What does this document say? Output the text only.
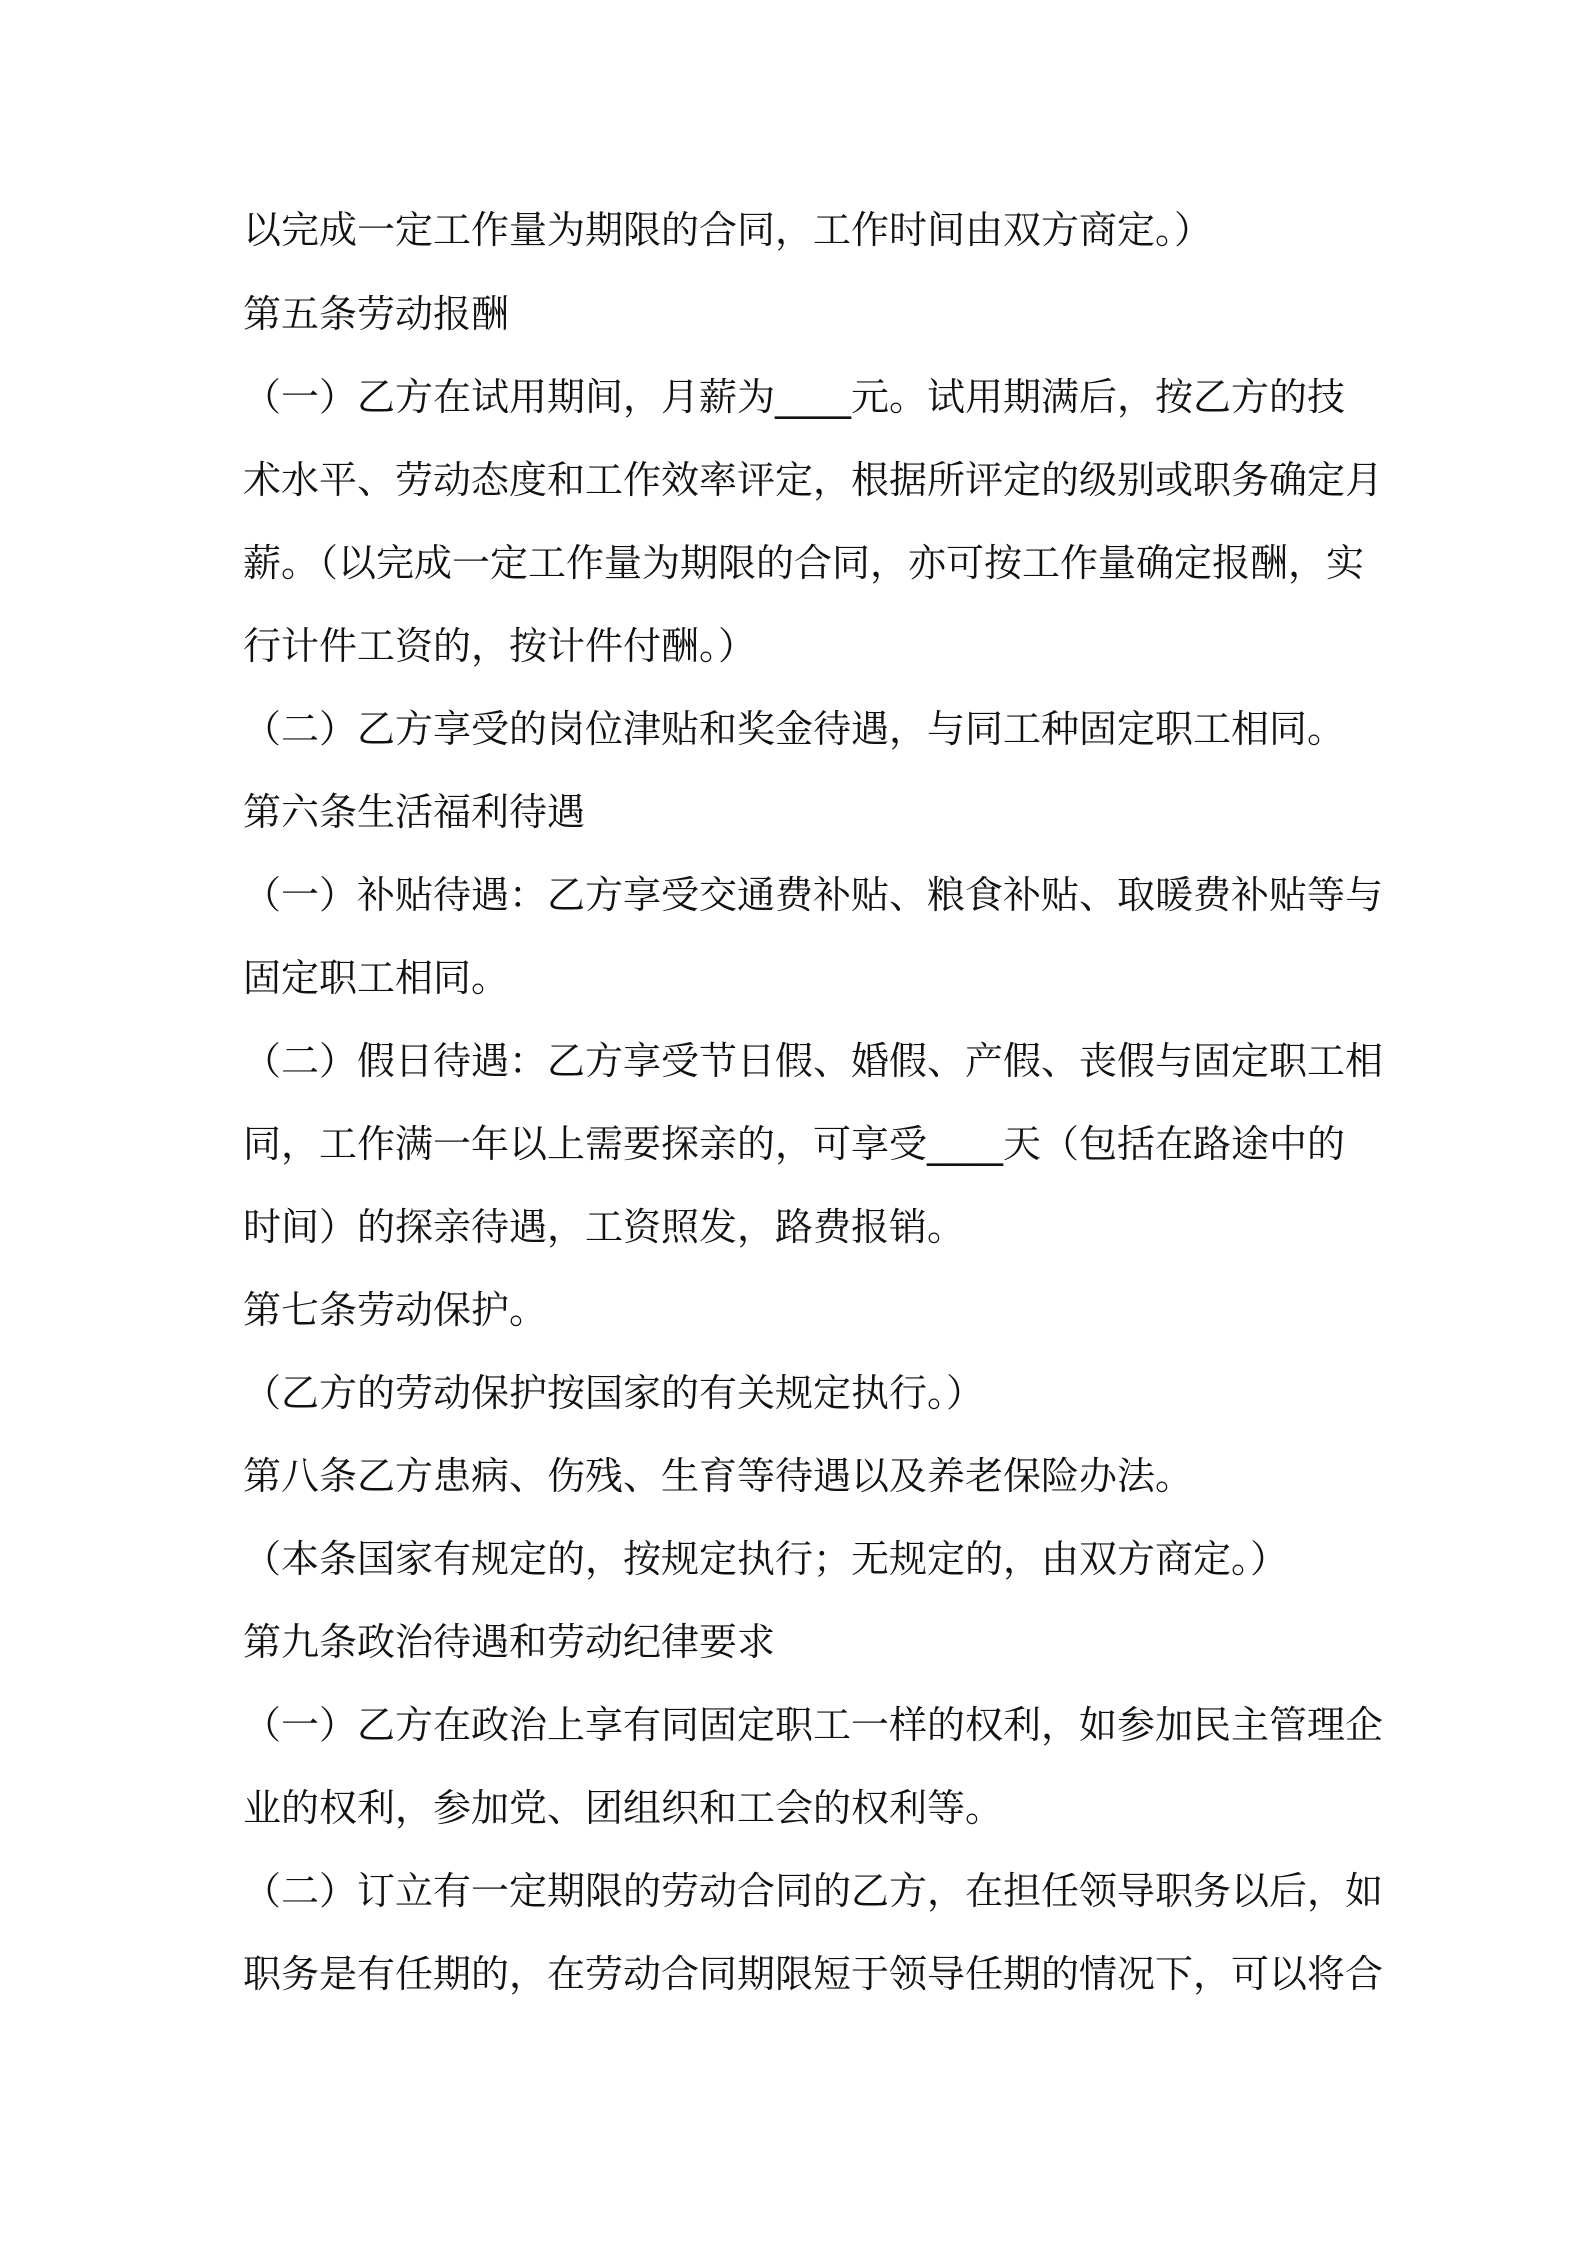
以完成一定工作量为期限的合同，工作时间由双方商定。）
第五条劳动报酬
（一）乙方在试用期间，月薪为____元。试用期满后，按乙方的技
术水平、劳动态度和工作效率评定，根据所评定的级别或职务确定月
薪。（以完成一定工作量为期限的合同，亦可按工作量确定报酬，实
行计件工资的，按计件付酬。）
（二）乙方享受的岗位津贴和奖金待遇，与同工种固定职工相同。
第六条生活福利待遇
（一）补贴待遇：乙方享受交通费补贴、粮食补贴、取暖费补贴等与
固定职工相同。
（二）假日待遇：乙方享受节日假、婚假、产假、丧假与固定职工相
同，工作满一年以上需要探亲的，可享受____天（包括在路途中的
时间）的探亲待遇，工资照发，路费报销。
第七条劳动保护。
（乙方的劳动保护按国家的有关规定执行。）
第八条乙方患病、伤残、生育等待遇以及养老保险办法。
（本条国家有规定的，按规定执行；无规定的，由双方商定。）
第九条政治待遇和劳动纪律要求
（一）乙方在政治上享有同固定职工一样的权利，如参加民主管理企
业的权利，参加党、团组织和工会的权利等。
（二）订立有一定期限的劳动合同的乙方，在担任领导职务以后，如
职务是有任期的，在劳动合同期限短于领导任期的情况下，可以将合
